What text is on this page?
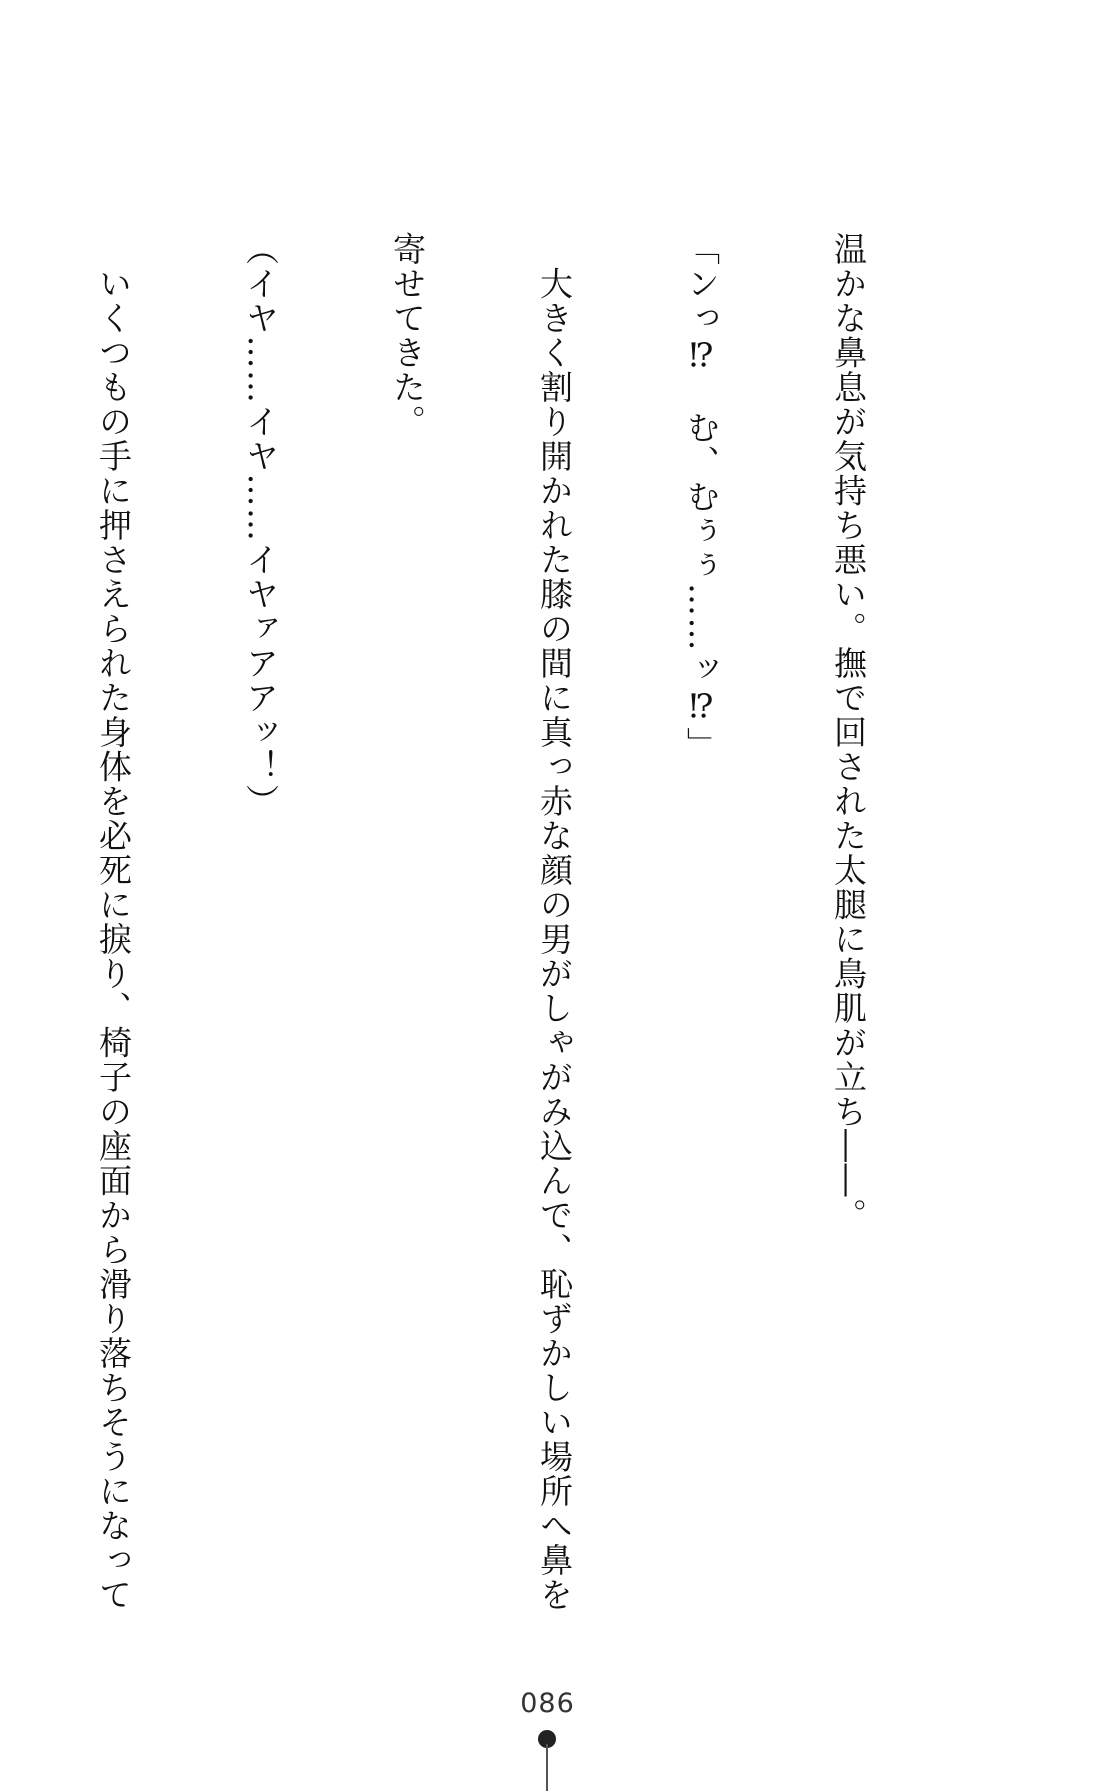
温かな鼻息が気持ち悪い。撫で回された太腿に鳥肌が立ち――。

「ンっ⁉　む、むぅぅ……ッ⁉」

　大きく割り開かれた膝の間に真っ赤な顔の男がしゃがみ込んで、恥ずかしい場所へ鼻を

寄せてきた。

（イヤ……イヤ……イヤァアアッ！）

　いくつもの手に押さえられた身体を必死に捩り、椅子の座面から滑り落ちそうになって

086
